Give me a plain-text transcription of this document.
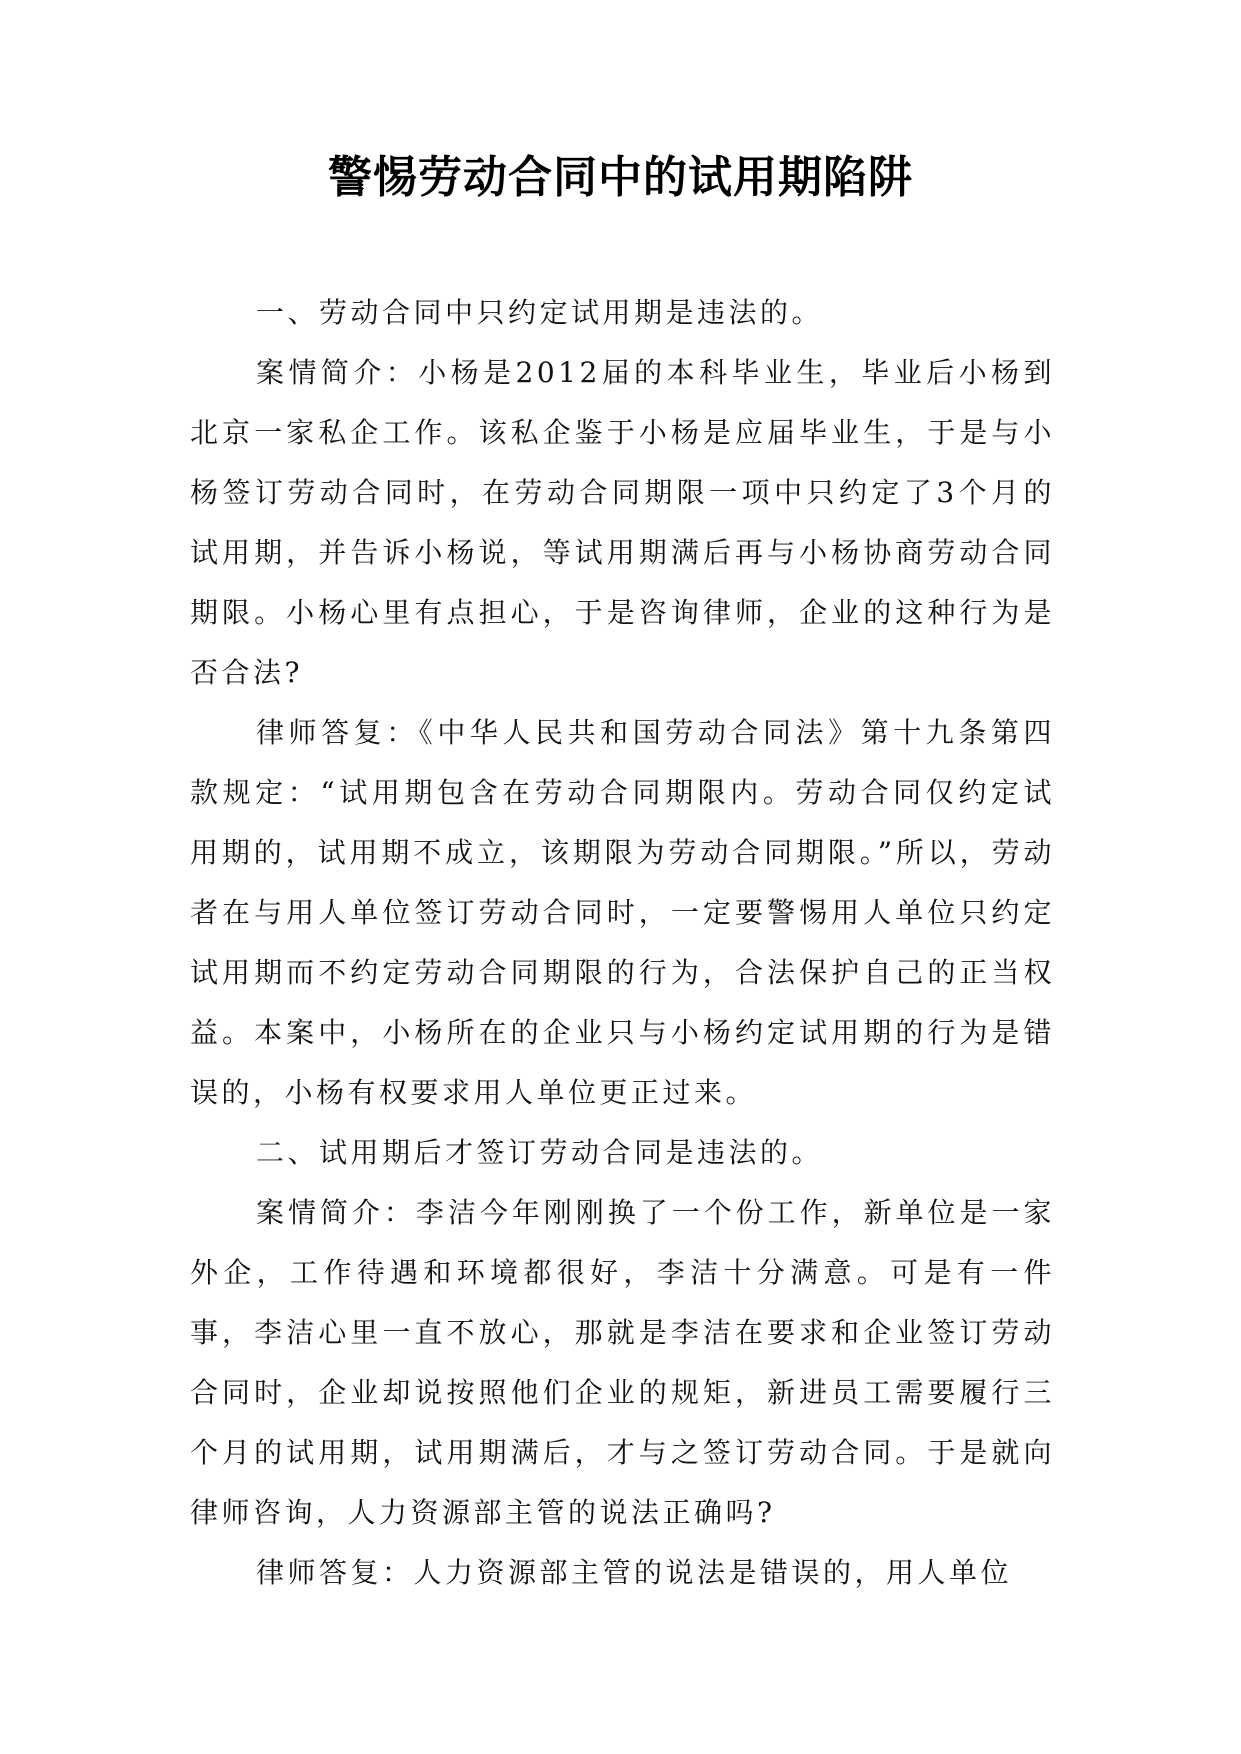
警惕劳动合同中的试用期陷阱

一、劳动合同中只约定试用期是违法的。

案情简介：小杨是2012届的本科毕业生，毕业后小杨到北京一家私企工作。该私企鉴于小杨是应届毕业生，于是与小杨签订劳动合同时，在劳动合同期限一项中只约定了3个月的试用期，并告诉小杨说，等试用期满后再与小杨协商劳动合同期限。小杨心里有点担心，于是咨询律师，企业的这种行为是否合法?

律师答复：《中华人民共和国劳动合同法》第十九条第四款规定：“试用期包含在劳动合同期限内。劳动合同仅约定试用期的，试用期不成立，该期限为劳动合同期限。”所以，劳动者在与用人单位签订劳动合同时，一定要警惕用人单位只约定试用期而不约定劳动合同期限的行为，合法保护自己的正当权益。本案中，小杨所在的企业只与小杨约定试用期的行为是错误的，小杨有权要求用人单位更正过来。

二、试用期后才签订劳动合同是违法的。

案情简介：李洁今年刚刚换了一个份工作，新单位是一家外企，工作待遇和环境都很好，李洁十分满意。可是有一件事，李洁心里一直不放心，那就是李洁在要求和企业签订劳动合同时，企业却说按照他们企业的规矩，新进员工需要履行三个月的试用期，试用期满后，才与之签订劳动合同。于是就向律师咨询，人力资源部主管的说法正确吗?

律师答复：人力资源部主管的说法是错误的，用人单位
